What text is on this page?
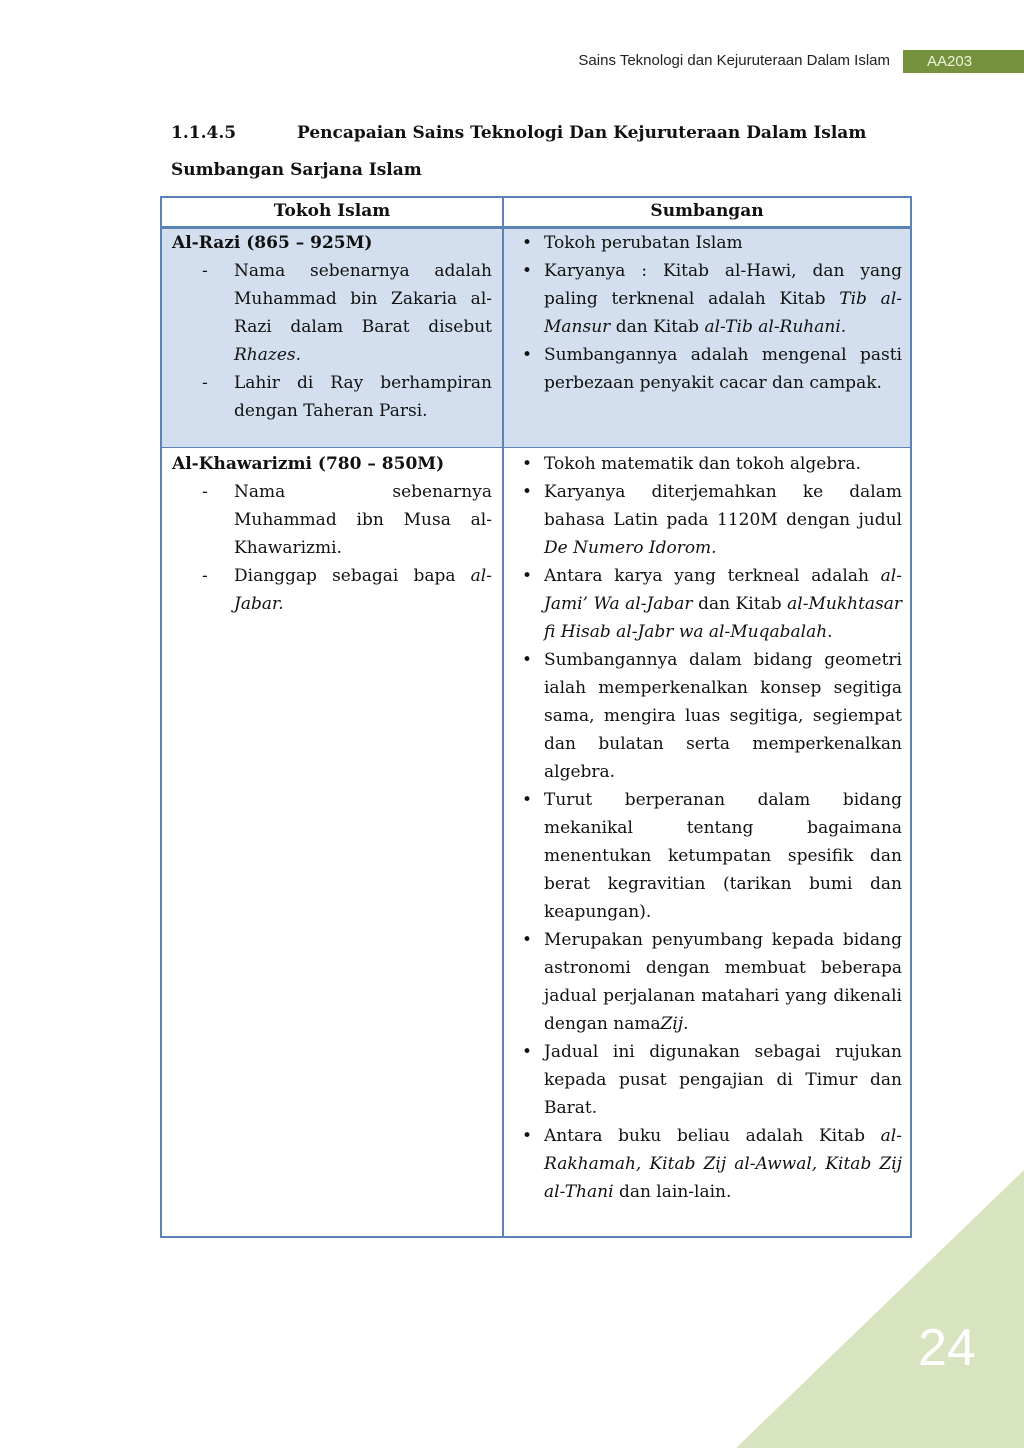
Sains Teknologi dan Kejuruteraan Dalam Islam	AA203
1.1.4.5	Pencapaian Sains Teknologi Dan Kejuruteraan Dalam Islam
Sumbangan Sarjana Islam
Tokoh Islam	Sumbangan
Al-Razi (865 – 925M)
- Nama sebenarnya adalah Muhammad bin Zakaria al-Razi dalam Barat disebut Rhazes.
- Lahir di Ray berhampiran dengan Taheran Parsi.
• Tokoh perubatan Islam
• Karyanya : Kitab al-Hawi, dan yang paling terknenal adalah Kitab Tib al-Mansur dan Kitab al-Tib al-Ruhani.
• Sumbangannya adalah mengenal pasti perbezaan penyakit cacar dan campak.
Al-Khawarizmi (780 – 850M)
- Nama sebenarnya Muhammad ibn Musa al-Khawarizmi.
- Dianggap sebagai bapa al-Jabar.
• Tokoh matematik dan tokoh algebra.
• Karyanya diterjemahkan ke dalam bahasa Latin pada 1120M dengan judul De Numero Idorom.
• Antara karya yang terkneal adalah al-Jami’ Wa al-Jabar dan Kitab al-Mukhtasar fi Hisab al-Jabr wa al-Muqabalah.
• Sumbangannya dalam bidang geometri ialah memperkenalkan konsep segitiga sama, mengira luas segitiga, segiempat dan bulatan serta memperkenalkan algebra.
• Turut berperanan dalam bidang mekanikal tentang bagaimana menentukan ketumpatan spesifik dan berat kegravitian (tarikan bumi dan keapungan).
• Merupakan penyumbang kepada bidang astronomi dengan membuat beberapa jadual perjalanan matahari yang dikenali dengan namaZij.
• Jadual ini digunakan sebagai rujukan kepada pusat pengajian di Timur dan Barat.
• Antara buku beliau adalah Kitab al-Rakhamah, Kitab Zij al-Awwal, Kitab Zij al-Thani dan lain-lain.
24
